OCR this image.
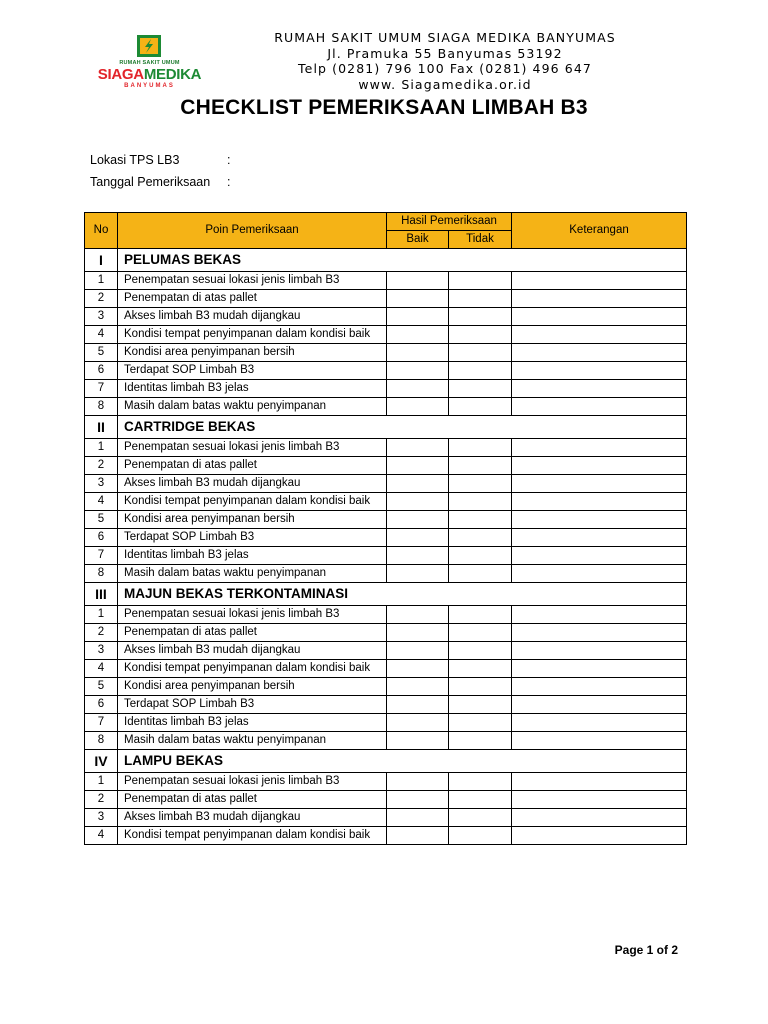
RUMAH SAKIT UMUM
SIAGAMEDIKA
BANYUMAS
RUMAH SAKIT UMUM SIAGA MEDIKA BANYUMAS
Jl. Pramuka 55 Banyumas 53192
Telp (0281) 796 100 Fax (0281) 496 647
www. Siagamedika.or.id
CHECKLIST PEMERIKSAAN LIMBAH B3
Lokasi TPS LB3	:
Tanggal Pemeriksaan	:
No	Poin Pemeriksaan	Hasil Pemeriksaan		Keterangan
		Baik	Tidak	
I	PELUMAS BEKAS			
1	Penempatan sesuai lokasi jenis limbah B3			
2	Penempatan di atas pallet			
3	Akses limbah B3 mudah dijangkau			
4	Kondisi tempat penyimpanan dalam kondisi baik			
5	Kondisi area penyimpanan bersih			
6	Terdapat SOP Limbah B3			
7	Identitas limbah B3 jelas			
8	Masih dalam batas waktu penyimpanan			
II	CARTRIDGE BEKAS			
1	Penempatan sesuai lokasi jenis limbah B3			
2	Penempatan di atas pallet			
3	Akses limbah B3 mudah dijangkau			
4	Kondisi tempat penyimpanan dalam kondisi baik			
5	Kondisi area penyimpanan bersih			
6	Terdapat SOP Limbah B3			
7	Identitas limbah B3 jelas			
8	Masih dalam batas waktu penyimpanan			
III	MAJUN BEKAS TERKONTAMINASI			
1	Penempatan sesuai lokasi jenis limbah B3			
2	Penempatan di atas pallet			
3	Akses limbah B3 mudah dijangkau			
4	Kondisi tempat penyimpanan dalam kondisi baik			
5	Kondisi area penyimpanan bersih			
6	Terdapat SOP Limbah B3			
7	Identitas limbah B3 jelas			
8	Masih dalam batas waktu penyimpanan			
IV	LAMPU BEKAS			
1	Penempatan sesuai lokasi jenis limbah B3			
2	Penempatan di atas pallet			
3	Akses limbah B3 mudah dijangkau			
4	Kondisi tempat penyimpanan dalam kondisi baik			
Page 1 of 2
